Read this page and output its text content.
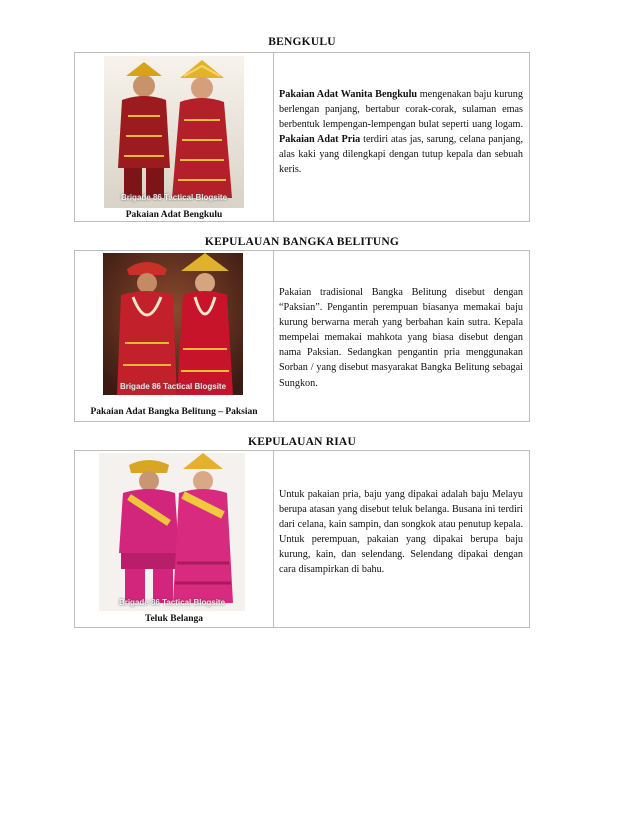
BENGKULU
Brigade 86 Tactical Blogsite
Pakaian Adat Bengkulu
Pakaian Adat Wanita Bengkulu mengenakan baju kurung berlengan panjang, bertabur corak-corak, sulaman emas berbentuk lempengan-lempengan bulat seperti uang logam. Pakaian Adat Pria terdiri atas jas, sarung, celana panjang, alas kaki yang dilengkapi dengan tutup kepala dan sebuah keris.
KEPULAUAN BANGKA BELITUNG
Brigade 86 Tactical Blogsite
Pakaian Adat Bangka Belitung – Paksian
Pakaian tradisional Bangka Belitung disebut dengan “Paksian”. Pengantin perempuan biasanya memakai baju kurung berwarna merah yang berbahan kain sutra. Kepala mempelai memakai mahkota yang biasa disebut dengan nama Paksian. Sedangkan pengantin pria menggunakan Sorban / yang disebut masyarakat Bangka Belitung sebagai Sungkon.
KEPULAUAN RIAU
Brigade 86 Tactical Blogsite
Teluk Belanga
Untuk pakaian pria, baju yang dipakai adalah baju Melayu berupa atasan yang disebut teluk belanga. Busana ini terdiri dari celana, kain sampin, dan songkok atau penutup kepala. Untuk perempuan, pakaian yang dipakai berupa baju kurung, kain, dan selendang. Selendang dipakai dengan cara disampirkan di bahu.
